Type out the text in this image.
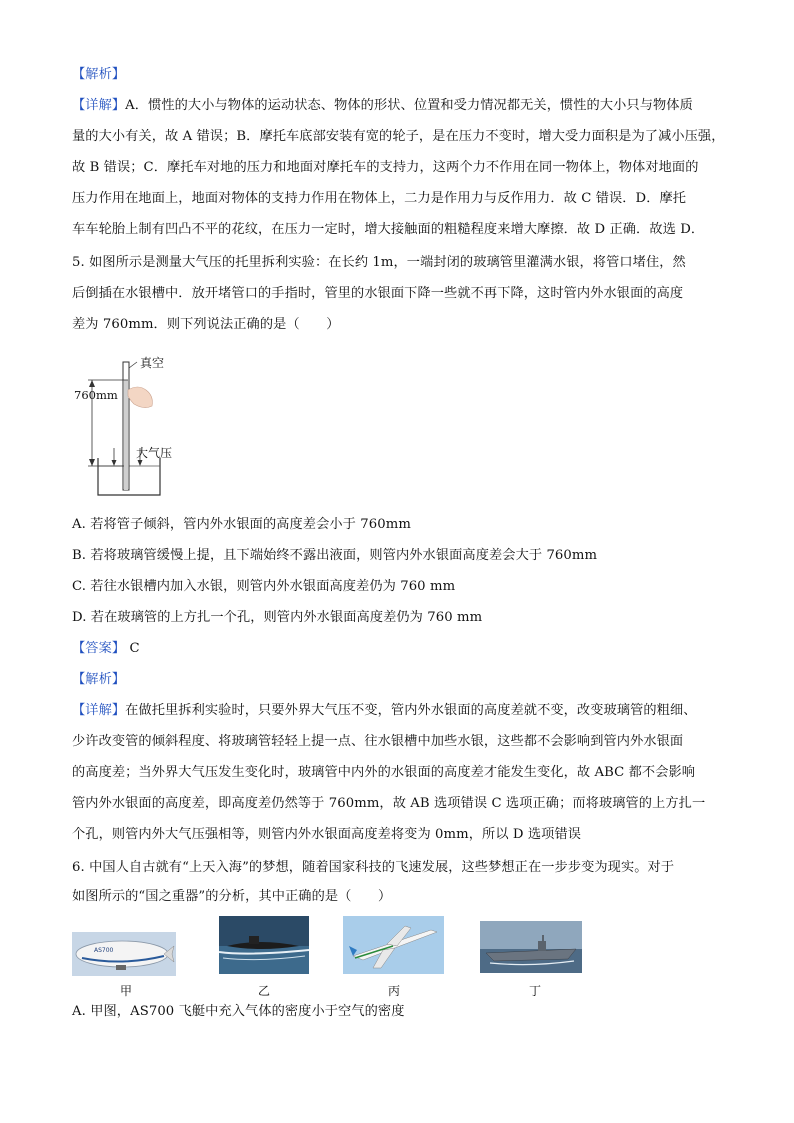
【解析】
【详解】A．惯性的大小与物体的运动状态、物体的形状、位置和受力情况都无关，惯性的大小只与物体质
量的大小有关，故 A 错误；B．摩托车底部安装有宽的轮子，是在压力不变时，增大受力面积是为了减小压强，
故 B 错误；C．摩托车对地的压力和地面对摩托车的支持力，这两个力不作用在同一物体上，物体对地面的
压力作用在地面上，地面对物体的支持力作用在物体上，二力是作用力与反作用力．故 C 错误．D．摩托
车车轮胎上制有凹凸不平的花纹，在压力一定时，增大接触面的粗糙程度来增大摩擦．故 D 正确．故选 D．
5. 如图所示是测量大气压的托里拆利实验：在长约 1m，一端封闭的玻璃管里灌满水银，将管口堵住，然
后倒插在水银槽中．放开堵管口的手指时，管里的水银面下降一些就不再下降，这时管内外水银面的高度
差为 760mm．则下列说法正确的是（　　）
真空
760mm
大气压
A. 若将管子倾斜，管内外水银面的高度差会小于 760mm
B. 若将玻璃管缓慢上提，且下端始终不露出液面，则管内外水银面高度差会大于 760mm
C. 若往水银槽内加入水银，则管内外水银面高度差仍为 760 mm
D. 若在玻璃管的上方扎一个孔，则管内外水银面高度差仍为 760 mm
【答案】 C
【解析】
【详解】在做托里拆利实验时，只要外界大气压不变，管内外水银面的高度差就不变，改变玻璃管的粗细、
少许改变管的倾斜程度、将玻璃管轻轻上提一点、往水银槽中加些水银，这些都不会影响到管内外水银面
的高度差；当外界大气压发生变化时，玻璃管中内外的水银面的高度差才能发生变化，故 ABC 都不会影响
管内外水银面的高度差，即高度差仍然等于 760mm，故 AB 选项错误 C 选项正确；而将玻璃管的上方扎一
个孔，则管内外大气压强相等，则管内外水银面高度差将变为 0mm，所以 D 选项错误
6. 中国人自古就有“上天入海”的梦想，随着国家科技的飞速发展，这些梦想正在一步步变为现实。对于
如图所示的“国之重器”的分析，其中正确的是（　　）
AS700
甲	乙	丙	丁
A. 甲图，AS700 飞艇中充入气体的密度小于空气的密度
